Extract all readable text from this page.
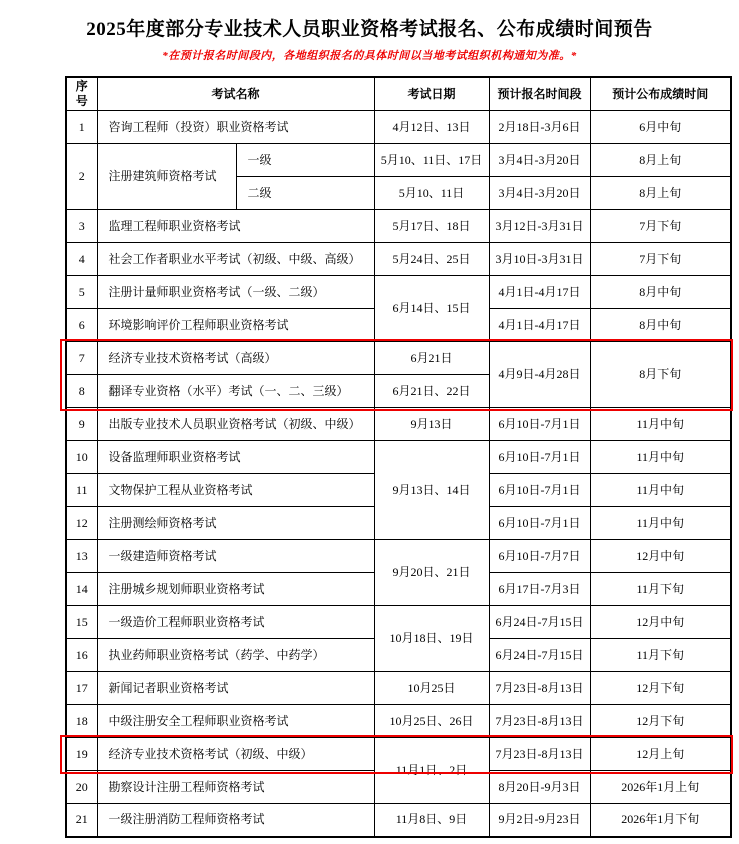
2025年度部分专业技术人员职业资格考试报名、公布成绩时间预告
*在预计报名时间段内，各地组织报名的具体时间以当地考试组织机构通知为准。*
序号	考试名称		考试日期	预计报名时间段	预计公布成绩时间
1	咨询工程师（投资）职业资格考试		4月12日、13日	2月18日-3月6日	6月中旬
2	注册建筑师资格考试	一级	5月10、11日、17日	3月4日-3月20日	8月上旬
		二级	5月10、11日	3月4日-3月20日	8月上旬
3	监理工程师职业资格考试		5月17日、18日	3月12日-3月31日	7月下旬
4	社会工作者职业水平考试（初级、中级、高级）		5月24日、25日	3月10日-3月31日	7月下旬
5	注册计量师职业资格考试（一级、二级）		6月14日、15日	4月1日-4月17日	8月中旬
6	环境影响评价工程师职业资格考试			4月1日-4月17日	8月中旬
7	经济专业技术资格考试（高级）		6月21日	4月9日-4月28日	8月下旬
8	翻译专业资格（水平）考试（一、二、三级）		6月21日、22日		
9	出版专业技术人员职业资格考试（初级、中级）		9月13日	6月10日-7月1日	11月中旬
10	设备监理师职业资格考试		9月13日、14日	6月10日-7月1日	11月中旬
11	文物保护工程从业资格考试			6月10日-7月1日	11月中旬
12	注册测绘师资格考试			6月10日-7月1日	11月中旬
13	一级建造师资格考试		9月20日、21日	6月10日-7月7日	12月中旬
14	注册城乡规划师职业资格考试			6月17日-7月3日	11月下旬
15	一级造价工程师职业资格考试		10月18日、19日	6月24日-7月15日	12月中旬
16	执业药师职业资格考试（药学、中药学）			6月24日-7月15日	11月下旬
17	新闻记者职业资格考试		10月25日	7月23日-8月13日	12月下旬
18	中级注册安全工程师职业资格考试		10月25日、26日	7月23日-8月13日	12月下旬
19	经济专业技术资格考试（初级、中级）		11月1日、2日	7月23日-8月13日	12月上旬
20	勘察设计注册工程师资格考试			8月20日-9月3日	2026年1月上旬
21	一级注册消防工程师资格考试		11月8日、9日	9月2日-9月23日	2026年1月下旬
